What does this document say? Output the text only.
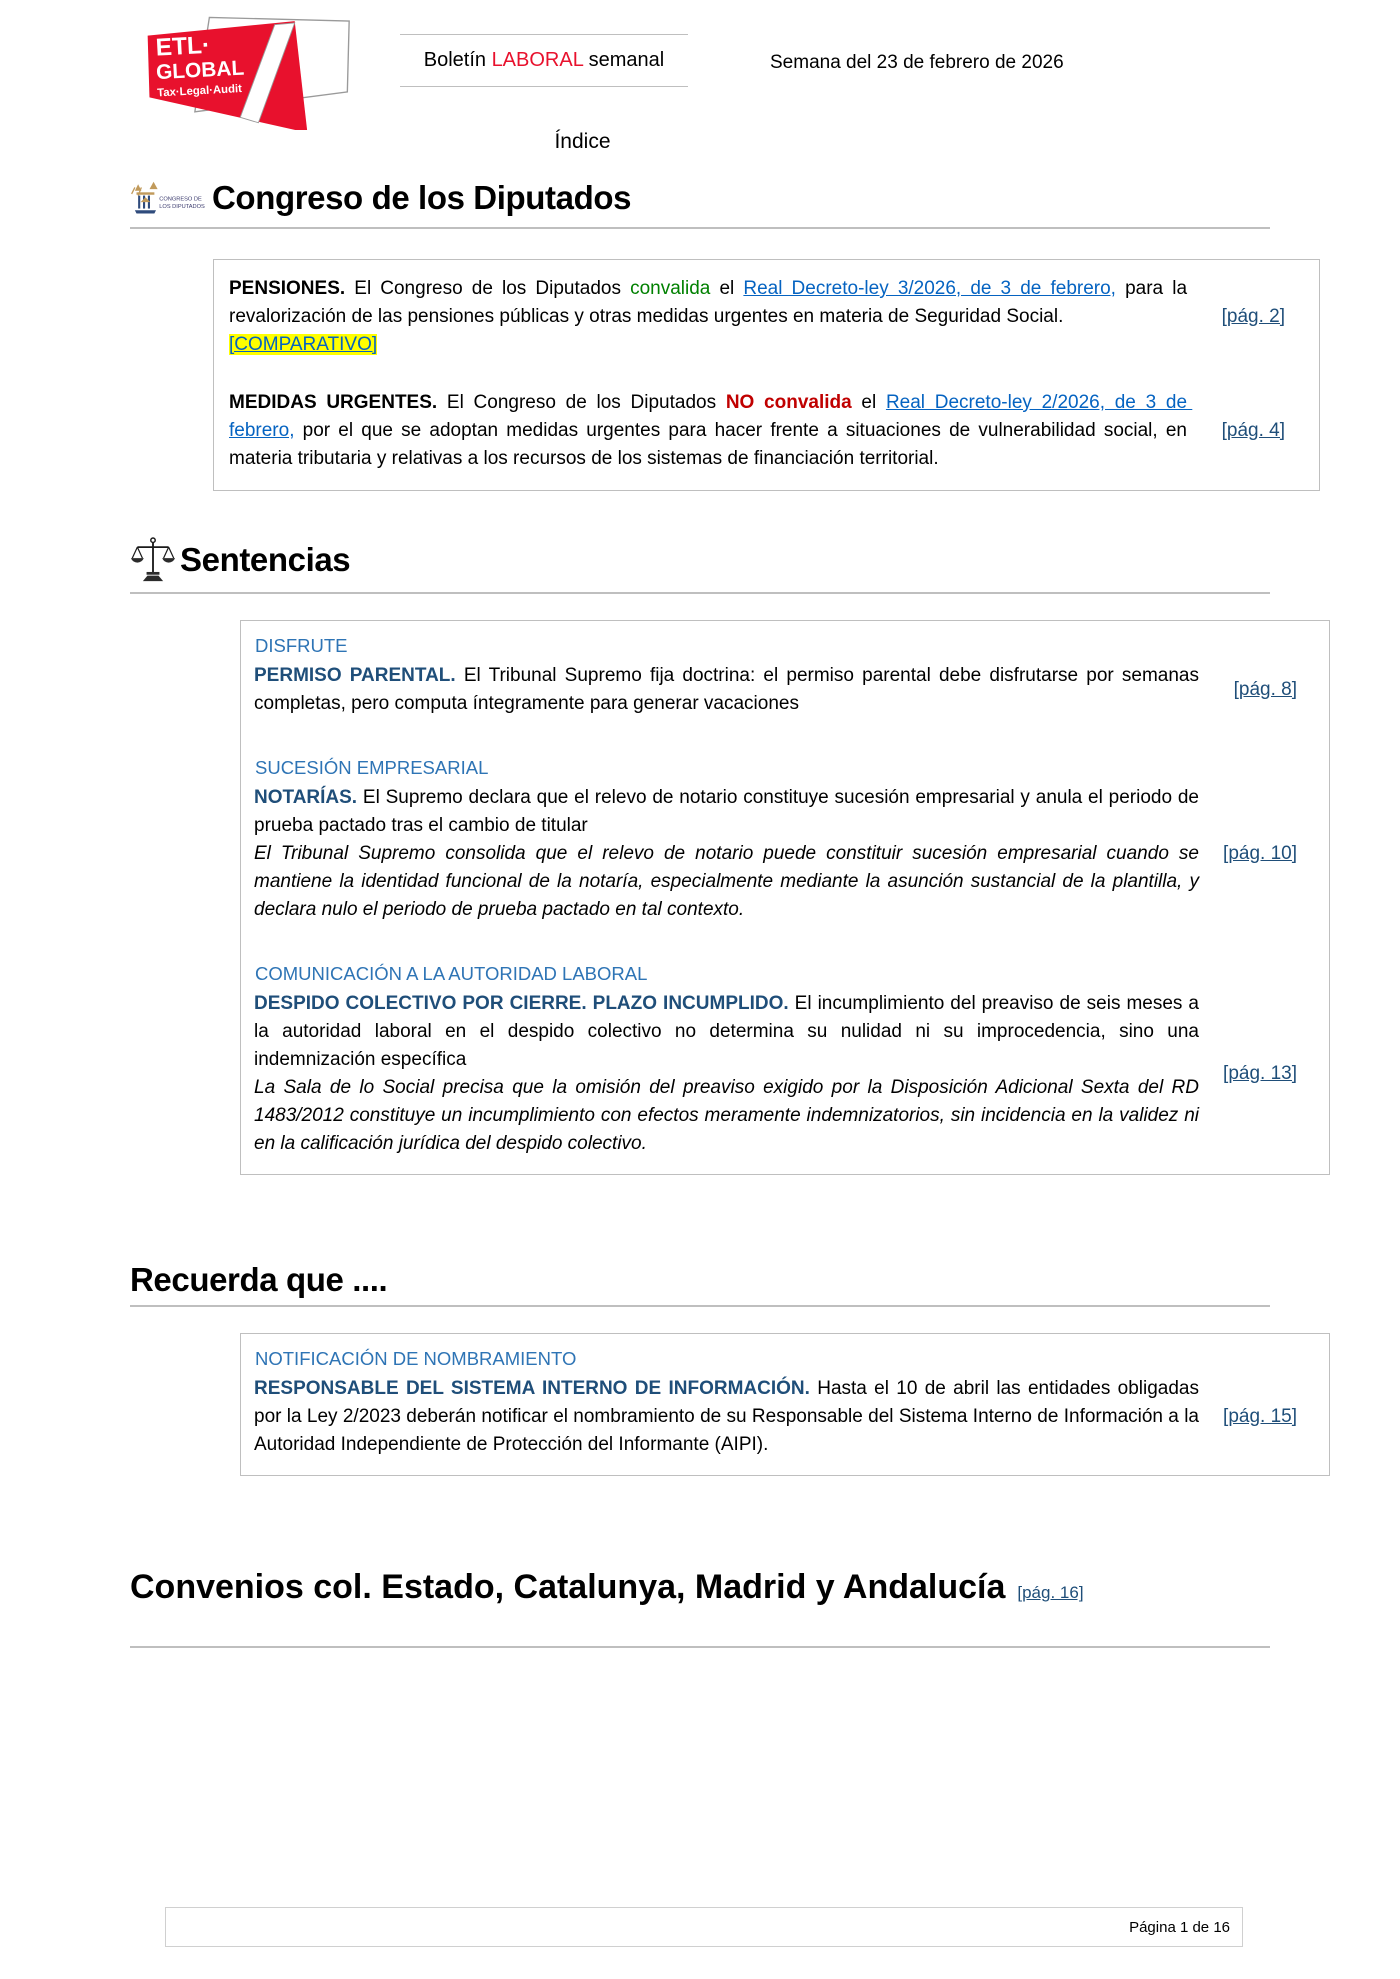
ETL·
GLOBAL
Tax·Legal·Audit
Boletín LABORAL semanal	Semana del 23 de febrero de 2026
Índice
CONGRESO DE
LOS DIPUTADOS Congreso de los Diputados

PENSIONES. El Congreso de los Diputados convalida el Real Decreto-ley 3/2026, de 3 de febrero, para la revalorización de las pensiones públicas y otras medidas urgentes en materia de Seguridad Social.

[COMPARATIVO]

[pág. 2]

MEDIDAS URGENTES. El Congreso de los Diputados NO convalida el Real Decreto-ley 2/2026, de 3 de febrero, por el que se adoptan medidas urgentes para hacer frente a situaciones de vulnerabilidad social, en materia tributaria y relativas a los recursos de los sistemas de financiación territorial.

[pág. 4]
Sentencias
DISFRUTE

PERMISO PARENTAL. El Tribunal Supremo fija doctrina: el permiso parental debe disfrutarse por semanas completas, pero computa íntegramente para generar vacaciones

[pág. 8]
SUCESIÓN EMPRESARIAL

NOTARÍAS. El Supremo declara que el relevo de notario constituye sucesión empresarial y anula el periodo de prueba pactado tras el cambio de titular

El Tribunal Supremo consolida que el relevo de notario puede constituir sucesión empresarial cuando se mantiene la identidad funcional de la notaría, especialmente mediante la asunción sustancial de la plantilla, y declara nulo el periodo de prueba pactado en tal contexto.

[pág. 10]
COMUNICACIÓN A LA AUTORIDAD LABORAL

DESPIDO COLECTIVO POR CIERRE. PLAZO INCUMPLIDO. El incumplimiento del preaviso de seis meses a la autoridad laboral en el despido colectivo no determina su nulidad ni su improcedencia, sino una indemnización específica

La Sala de lo Social precisa que la omisión del preaviso exigido por la Disposición Adicional Sexta del RD 1483/2012 constituye un incumplimiento con efectos meramente indemnizatorios, sin incidencia en la validez ni en la calificación jurídica del despido colectivo.

[pág. 13]
Recuerda que ....
NOTIFICACIÓN DE NOMBRAMIENTO

RESPONSABLE DEL SISTEMA INTERNO DE INFORMACIÓN. Hasta el 10 de abril las entidades obligadas por la Ley 2/2023 deberán notificar el nombramiento de su Responsable del Sistema Interno de Información a la Autoridad Independiente de Protección del Informante (AIPI).

[pág. 15]
Convenios col. Estado, Catalunya, Madrid y Andalucía [pág. 16]
Página 1 de 16
